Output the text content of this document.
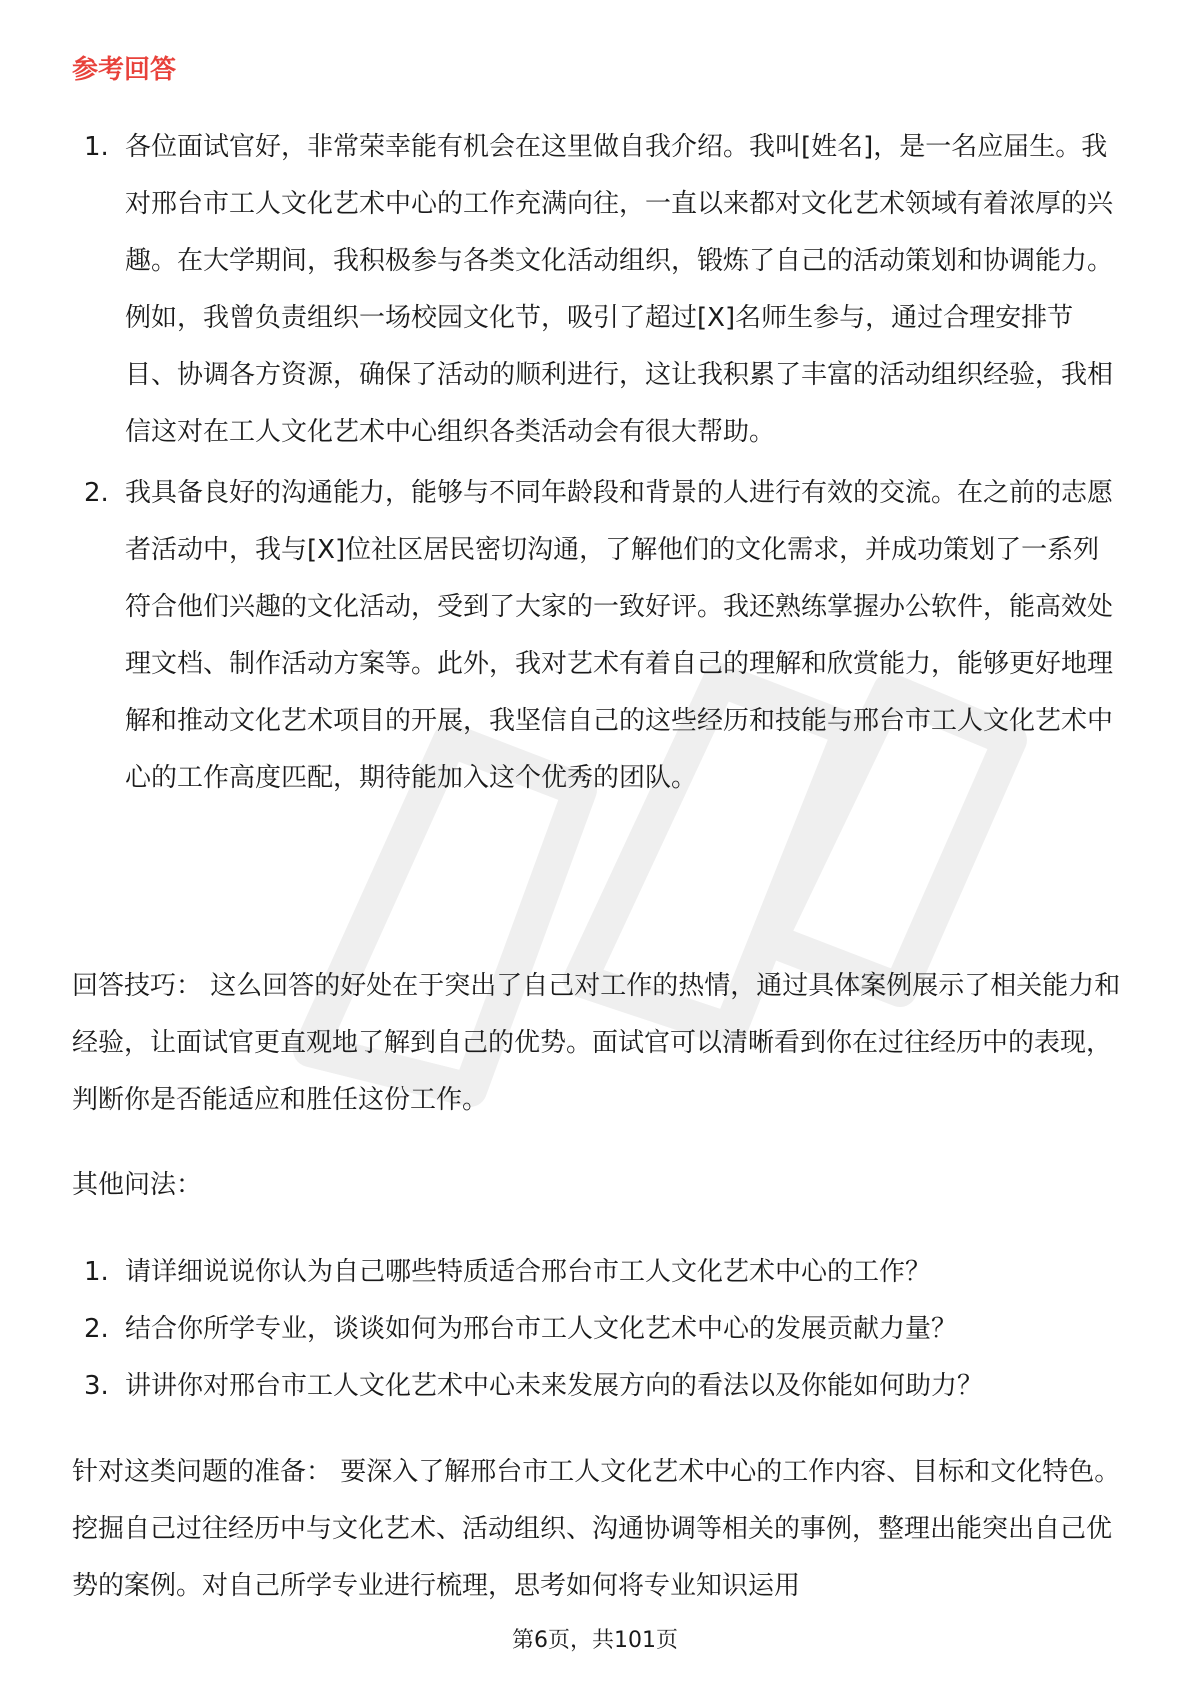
参考回答
1. 各位面试官好，非常荣幸能有机会在这里做自我介绍。我叫[姓名]，是一名应届生。我对邢台市工人文化艺术中心的工作充满向往，一直以来都对文化艺术领域有着浓厚的兴趣。在大学期间，我积极参与各类文化活动组织，锻炼了自己的活动策划和协调能力。例如，我曾负责组织一场校园文化节，吸引了超过[X]名师生参与，通过合理安排节目、协调各方资源，确保了活动的顺利进行，这让我积累了丰富的活动组织经验，我相信这对在工人文化艺术中心组织各类活动会有很大帮助。
2. 我具备良好的沟通能力，能够与不同年龄段和背景的人进行有效的交流。在之前的志愿者活动中，我与[X]位社区居民密切沟通，了解他们的文化需求，并成功策划了一系列符合他们兴趣的文化活动，受到了大家的一致好评。我还熟练掌握办公软件，能高效处理文档、制作活动方案等。此外，我对艺术有着自己的理解和欣赏能力，能够更好地理解和推动文化艺术项目的开展，我坚信自己的这些经历和技能与邢台市工人文化艺术中心的工作高度匹配，期待能加入这个优秀的团队。

回答技巧： 这么回答的好处在于突出了自己对工作的热情，通过具体案例展示了相关能力和经验，让面试官更直观地了解到自己的优势。面试官可以清晰看到你在过往经历中的表现，判断你是否能适应和胜任这份工作。

其他问法：

1. 请详细说说你认为自己哪些特质适合邢台市工人文化艺术中心的工作？
2. 结合你所学专业，谈谈如何为邢台市工人文化艺术中心的发展贡献力量？
3. 讲讲你对邢台市工人文化艺术中心未来发展方向的看法以及你能如何助力？

针对这类问题的准备： 要深入了解邢台市工人文化艺术中心的工作内容、目标和文化特色。挖掘自己过往经历中与文化艺术、活动组织、沟通协调等相关的事例，整理出能突出自己优势的案例。对自己所学专业进行梳理，思考如何将专业知识运用

第6页，共101页
